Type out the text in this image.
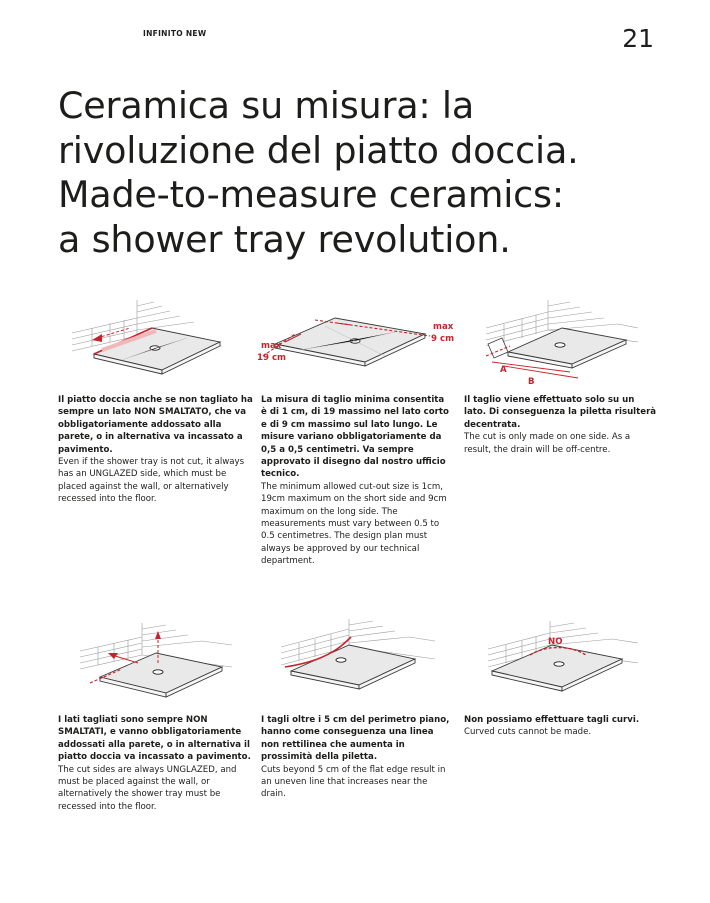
INFINITO NEW	21
Ceramica su misura: la
rivoluzione del piatto doccia.
Made-to-measure ceramics:
a shower tray revolution.
max
19 cm
max
9 cm
A
B
NO
Il piatto doccia anche se non tagliato ha sempre un lato NON SMALTATO, che va obbligatoriamente addossato alla parete, o in alternativa va incassato a pavimento.
Even if the shower tray is not cut, it always has an UNGLAZED side, which must be placed against the wall, or alternatively recessed into the floor.
La misura di taglio minima consentita è di 1 cm, di 19 massimo nel lato corto e di 9 cm massimo sul lato lungo. Le misure variano obbligatoriamente da 0,5 a 0,5 centimetri. Va sempre approvato il disegno dal nostro ufficio tecnico.
The minimum allowed cut-out size is 1cm, 19cm maximum on the short side and 9cm maximum on the long side. The measurements must vary between 0.5 to 0.5 centimetres. The design plan must always be approved by our technical department.
Il taglio viene effettuato solo su un lato. Di conseguenza la piletta risulterà decentrata.
The cut is only made on one side. As a result, the drain will be off-centre.
I lati tagliati sono sempre NON SMALTATI, e vanno obbligatoriamente addossati alla parete, o in alternativa il piatto doccia va incassato a pavimento.
The cut sides are always UNGLAZED, and must be placed against the wall, or alternatively the shower tray must be recessed into the floor.
I tagli oltre i 5 cm del perimetro piano, hanno come conseguenza una linea non rettilinea che aumenta in prossimità della piletta.
Cuts beyond 5 cm of the flat edge result in an uneven line that increases near the drain.
Non possiamo effettuare tagli curvi.
Curved cuts cannot be made.
